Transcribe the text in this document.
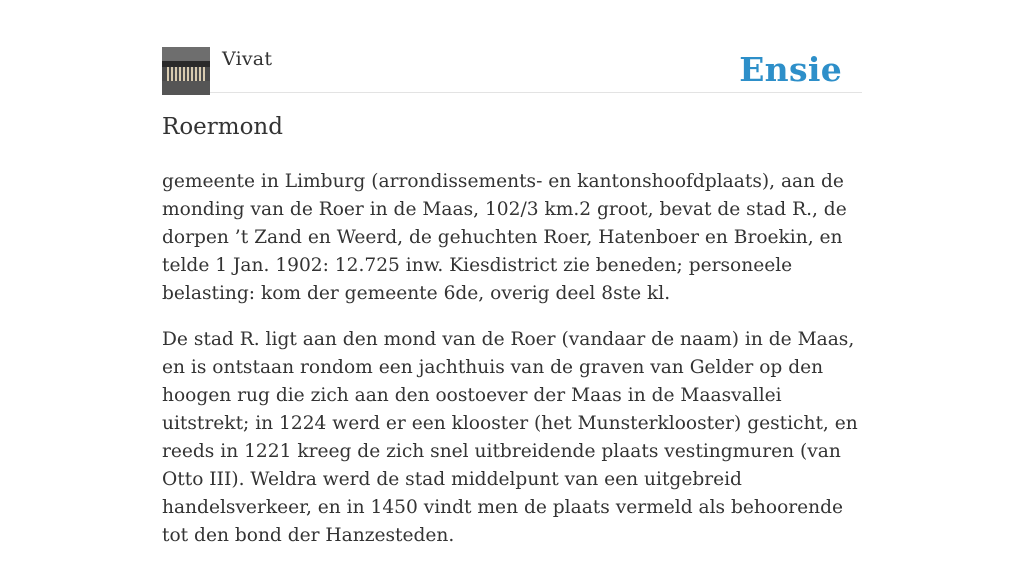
Vivat	Ensie
Roermond

gemeente in Limburg (arrondissements- en kantonshoofdplaats), aan de monding van de Roer in de Maas, 102/3 km.2 groot, bevat de stad R., de dorpen ’t Zand en Weerd, de gehuchten Roer, Hatenboer en Broekin, en telde 1 Jan. 1902: 12.725 inw. Kiesdistrict zie beneden; personeele belasting: kom der gemeente 6de, overig deel 8ste kl.

De stad R. ligt aan den mond van de Roer (vandaar de naam) in de Maas, en is ontstaan rondom een jachthuis van de graven van Gelder op den hoogen rug die zich aan den oostoever der Maas in de Maasvallei uitstrekt; in 1224 werd er een klooster (het Munsterklooster) gesticht, en reeds in 1221 kreeg de zich snel uitbreidende plaats vestingmuren (van Otto III). Weldra werd de stad middelpunt van een uitgebreid handelsverkeer, en in 1450 vindt men de plaats vermeld als behoorende tot den bond der Hanzesteden.
